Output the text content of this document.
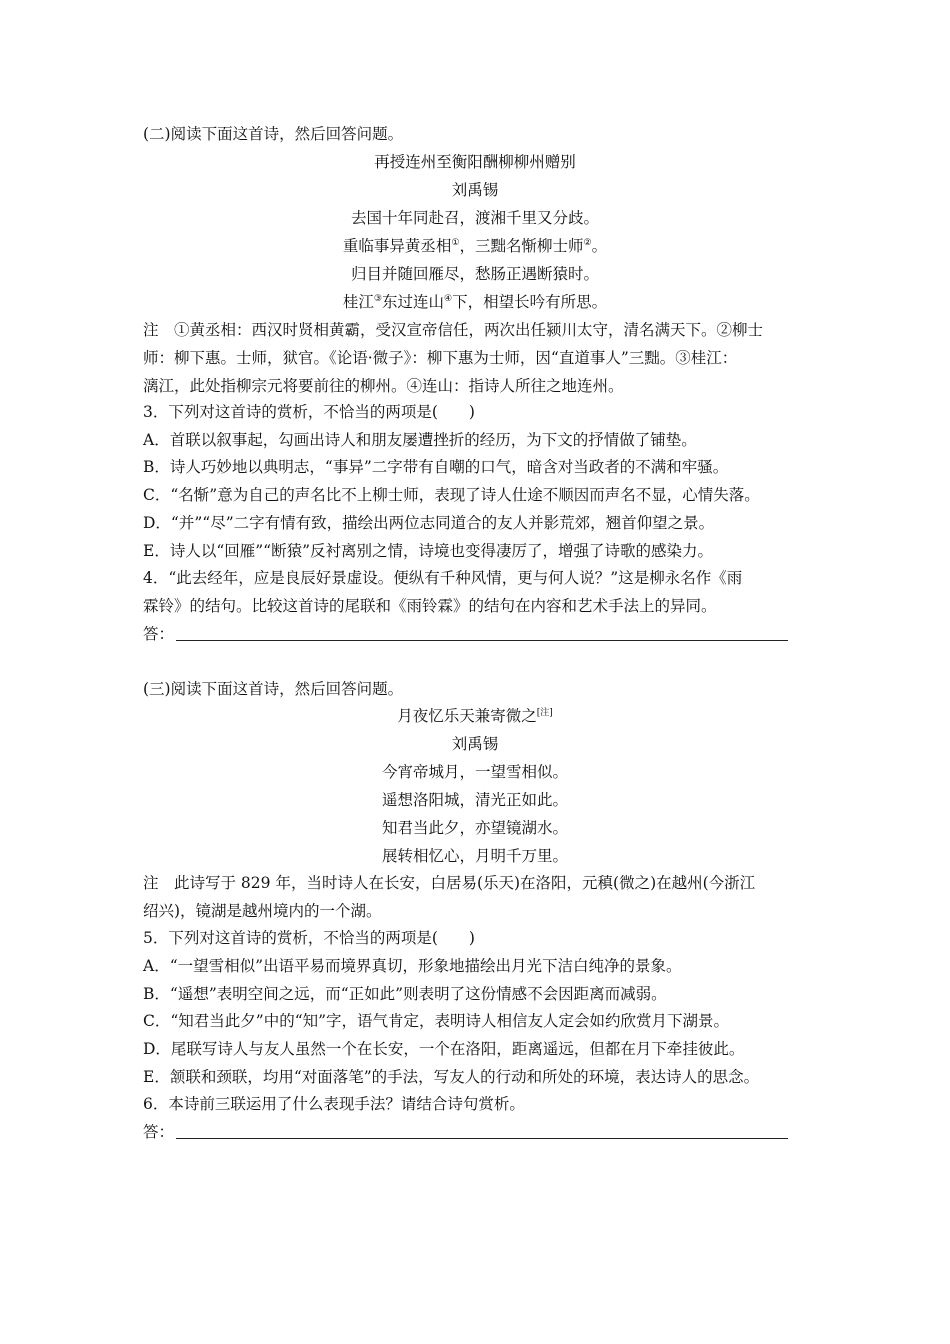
(二)阅读下面这首诗，然后回答问题。
再授连州至衡阳酬柳柳州赠别
刘禹锡
去国十年同赴召，渡湘千里又分歧。
重临事异黄丞相①，三黜名惭柳士师②。
归目并随回雁尽，愁肠正遇断猿时。
桂江③东过连山④下，相望长吟有所思。
注　①黄丞相：西汉时贤相黄霸，受汉宣帝信任，两次出任颍川太守，清名满天下。②柳士
师：柳下惠。士师，狱官。《论语·微子》：柳下惠为士师，因“直道事人”三黜。③桂江：
漓江，此处指柳宗元将要前往的柳州。④连山：指诗人所往之地连州。
3．下列对这首诗的赏析，不恰当的两项是(　　)
A．首联以叙事起，勾画出诗人和朋友屡遭挫折的经历，为下文的抒情做了铺垫。
B．诗人巧妙地以典明志，“事异”二字带有自嘲的口气，暗含对当政者的不满和牢骚。
C．“名惭”意为自己的声名比不上柳士师，表现了诗人仕途不顺因而声名不显，心情失落。
D．“并”“尽”二字有情有致，描绘出两位志同道合的友人并影荒郊，翘首仰望之景。
E．诗人以“回雁”“断猿”反衬离别之情，诗境也变得凄厉了，增强了诗歌的感染力。
4．“此去经年，应是良辰好景虚设。便纵有千种风情，更与何人说？”这是柳永名作《雨
霖铃》的结句。比较这首诗的尾联和《雨铃霖》的结句在内容和艺术手法上的异同。
答：
(三)阅读下面这首诗，然后回答问题。
月夜忆乐天兼寄微之[注]
刘禹锡
今宵帝城月，一望雪相似。
遥想洛阳城，清光正如此。
知君当此夕，亦望镜湖水。
展转相忆心，月明千万里。
注　此诗写于 829 年，当时诗人在长安，白居易(乐天)在洛阳，元稹(微之)在越州(今浙江
绍兴)，镜湖是越州境内的一个湖。
5．下列对这首诗的赏析，不恰当的两项是(　　)
A．“一望雪相似”出语平易而境界真切，形象地描绘出月光下洁白纯净的景象。
B．“遥想”表明空间之远，而“正如此”则表明了这份情感不会因距离而减弱。
C．“知君当此夕”中的“知”字，语气肯定，表明诗人相信友人定会如约欣赏月下湖景。
D．尾联写诗人与友人虽然一个在长安，一个在洛阳，距离遥远，但都在月下牵挂彼此。
E．颔联和颈联，均用“对面落笔”的手法，写友人的行动和所处的环境，表达诗人的思念。
6．本诗前三联运用了什么表现手法？请结合诗句赏析。
答：
